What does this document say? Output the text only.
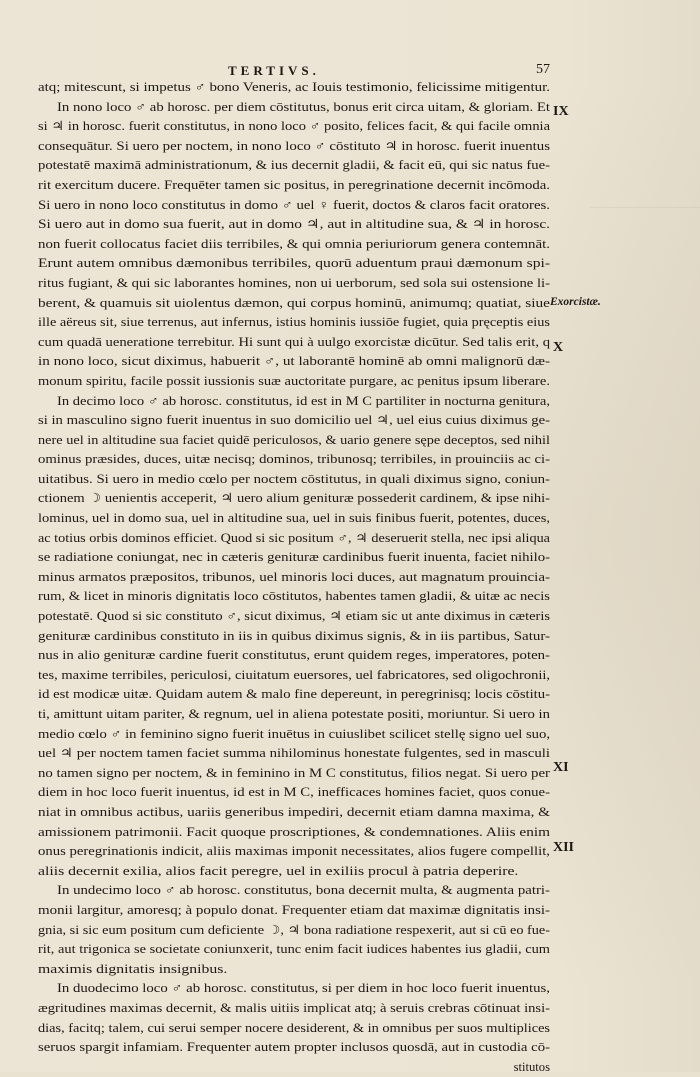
TERTIVS.	57
atq; mitescunt, si impetus ♂ bono Veneris, ac Iouis testimonio, felicissime mitigentur.
In nono loco ♂ ab horosc. per diem cōstitutus, bonus erit circa uitam, & gloriam. Et
si ♃ in horosc. fuerit constitutus, in nono loco ♂ posito, felices facit, & qui facile omnia
consequātur. Si uero per noctem, in nono loco ♂ cōstituto ♃ in horosc. fuerit inuentus
potestatē maximā administrationum, & ius decernit gladii, & facit eū, qui sic natus fue-
rit exercitum ducere. Frequēter tamen sic positus, in peregrinatione decernit incōmoda.
Si uero in nono loco constitutus in domo ♂ uel ♀ fuerit, doctos & claros facit oratores.
Si uero aut in domo sua fuerit, aut in domo ♃, aut in altitudine sua, & ♃ in horosc.
non fuerit collocatus faciet diis terribiles, & qui omnia periuriorum genera contemnāt.
Erunt autem omnibus dæmonibus terribiles, quorū aduentum praui dæmonum spi-
ritus fugiant, & qui sic laborantes homines, non ui uerborum, sed sola sui ostensione li-
berent, & quamuis sit uiolentus dæmon, qui corpus hominū, animumq; quatiat, siue
ille aëreus sit, siue terrenus, aut infernus, istius hominis iussiōe fugiet, quia pręceptis eius
cum quadā ueneratione terrebitur. Hi sunt qui à uulgo exorcistæ dicūtur. Sed talis erit, q
in nono loco, sicut diximus, habuerit ♂, ut laborantē hominē ab omni malignorū dæ-
monum spiritu, facile possit iussionis suæ auctoritate purgare, ac penitus ipsum liberare.
In decimo loco ♂ ab horosc. constitutus, id est in M C partiliter in nocturna genitura,
si in masculino signo fuerit inuentus in suo domicilio uel ♃, uel eius cuius diximus ge-
nere uel in altitudine sua faciet quidē periculosos, & uario genere sępe deceptos, sed nihil
ominus præsides, duces, uitæ necisq; dominos, tribunosq; terribiles, in prouinciis ac ci-
uitatibus. Si uero in medio cœlo per noctem cōstitutus, in quali diximus signo, coniun-
ctionem ☽ uenientis acceperit, ♃ uero alium genituræ possederit cardinem, & ipse nihi-
lominus, uel in domo sua, uel in altitudine sua, uel in suis finibus fuerit, potentes, duces,
ac totius orbis dominos efficiet. Quod si sic positum ♂, ♃ deseruerit stella, nec ipsi aliqua
se radiatione coniungat, nec in cæteris genituræ cardinibus fuerit inuenta, faciet nihilo-
minus armatos præpositos, tribunos, uel minoris loci duces, aut magnatum prouincia-
rum, & licet in minoris dignitatis loco cōstitutos, habentes tamen gladii, & uitæ ac necis
potestatē. Quod si sic constituto ♂, sicut diximus, ♃ etiam sic ut ante diximus in cæteris
genituræ cardinibus constituto in iis in quibus diximus signis, & in iis partibus, Satur-
nus in alio genituræ cardine fuerit constitutus, erunt quidem reges, imperatores, poten-
tes, maxime terribiles, periculosi, ciuitatum euersores, uel fabricatores, sed oligochronii,
id est modicæ uitæ. Quidam autem & malo fine depereunt, in peregrinisq; locis cōstitu-
ti, amittunt uitam pariter, & regnum, uel in aliena potestate positi, moriuntur. Si uero in
medio cœlo ♂ in feminino signo fuerit inuētus in cuiuslibet scilicet stellę signo uel suo,
uel ♃ per noctem tamen faciet summa nihilominus honestate fulgentes, sed in masculi
no tamen signo per noctem, & in feminino in M C constitutus, filios negat. Si uero per
diem in hoc loco fuerit inuentus, id est in M C, inefficaces homines faciet, quos conue-
niat in omnibus actibus, uariis generibus impediri, decernit etiam damna maxima, &
amissionem patrimonii. Facit quoque proscriptiones, & condemnationes. Aliis enim
onus peregrinationis indicit, aliis maximas imponit necessitates, alios fugere compellit,
aliis decernit exilia, alios facit peregre, uel in exiliis procul à patria deperire.
In undecimo loco ♂ ab horosc. constitutus, bona decernit multa, & augmenta patri-
monii largitur, amoresq; à populo donat. Frequenter etiam dat maximæ dignitatis insi-
gnia, si sic eum positum cum deficiente ☽, ♃ bona radiatione respexerit, aut si cū eo fue-
rit, aut trigonica se societate coniunxerit, tunc enim facit iudices habentes ius gladii, cum
maximis dignitatis insignibus.
In duodecimo loco ♂ ab horosc. constitutus, si per diem in hoc loco fuerit inuentus,
ægritudines maximas decernit, & malis uitiis implicat atq; à seruis crebras cōtinuat insi-
dias, facitq; talem, cui serui semper nocere desiderent, & in omnibus per suos multiplices
seruos spargit infamiam. Frequenter autem propter inclusos quosdā, aut in custodia cō-
stitutos
IX
Exorcistæ.
X
XI
XII
